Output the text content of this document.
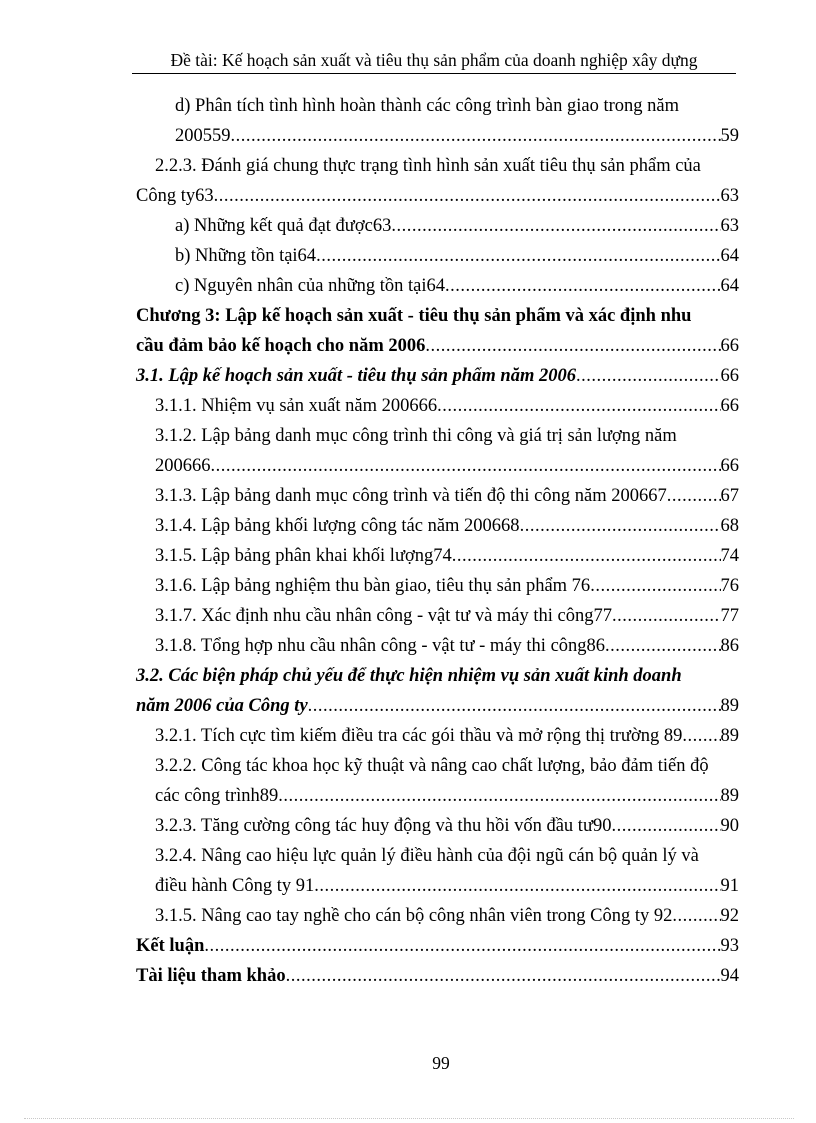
Đề tài: Kế hoạch sản xuất và tiêu thụ sản phẩm của doanh nghiệp xây dựng
d) Phân tích tình hình hoàn thành các công trình bàn giao trong năm
200559 .....	59
2.2.3. Đánh giá chung thực trạng tình hình sản xuất tiêu thụ sản phẩm của
Công ty63 .....	63
a) Những kết quả đạt được63 .....	63
b) Những tồn tại64 .....	64
c) Nguyên nhân của những tồn tại64 .....	64
Chương 3: Lập kế hoạch sản xuất - tiêu thụ sản phẩm và xác định nhu
cầu đảm bảo kế hoạch cho năm 2006 .....	66
3.1. Lập kế hoạch sản xuất - tiêu thụ sản phẩm năm 2006 .....	66
3.1.1. Nhiệm vụ sản xuất năm 200666 .....	66
3.1.2. Lập bảng danh mục công trình thi công và giá trị sản lượng năm
200666 .....	66
3.1.3. Lập bảng danh mục công trình và tiến độ thi công năm 200667 .....	67
3.1.4. Lập bảng khối lượng công tác năm 200668 .....	68
3.1.5. Lập bảng phân khai khối lượng74 .....	74
3.1.6. Lập bảng nghiệm thu bàn giao, tiêu thụ sản phẩm 76 .....	76
3.1.7. Xác định nhu cầu nhân công - vật tư và máy thi công77 .....	77
3.1.8. Tổng hợp nhu cầu nhân công - vật tư - máy thi công86 .....	86
3.2. Các biện pháp chủ yếu để thực hiện nhiệm vụ sản xuất kinh doanh
năm 2006 của Công ty .....	89
3.2.1. Tích cực tìm kiếm điều tra các gói thầu và mở rộng thị trường 89 ..... 89
3.2.2. Công tác khoa học kỹ thuật và nâng cao chất lượng, bảo đảm tiến độ
các công trình89 .....	89
3.2.3. Tăng cường công tác huy động và thu hồi vốn đầu tư90 .....	90
3.2.4. Nâng cao hiệu lực quản lý điều hành của đội ngũ cán bộ quản lý và
điều hành Công ty 91 .....	91
3.1.5. Nâng cao tay nghề cho cán bộ công nhân viên trong Công ty 92 .....	92
Kết luận .....	93
Tài liệu tham khảo .....	94
99
